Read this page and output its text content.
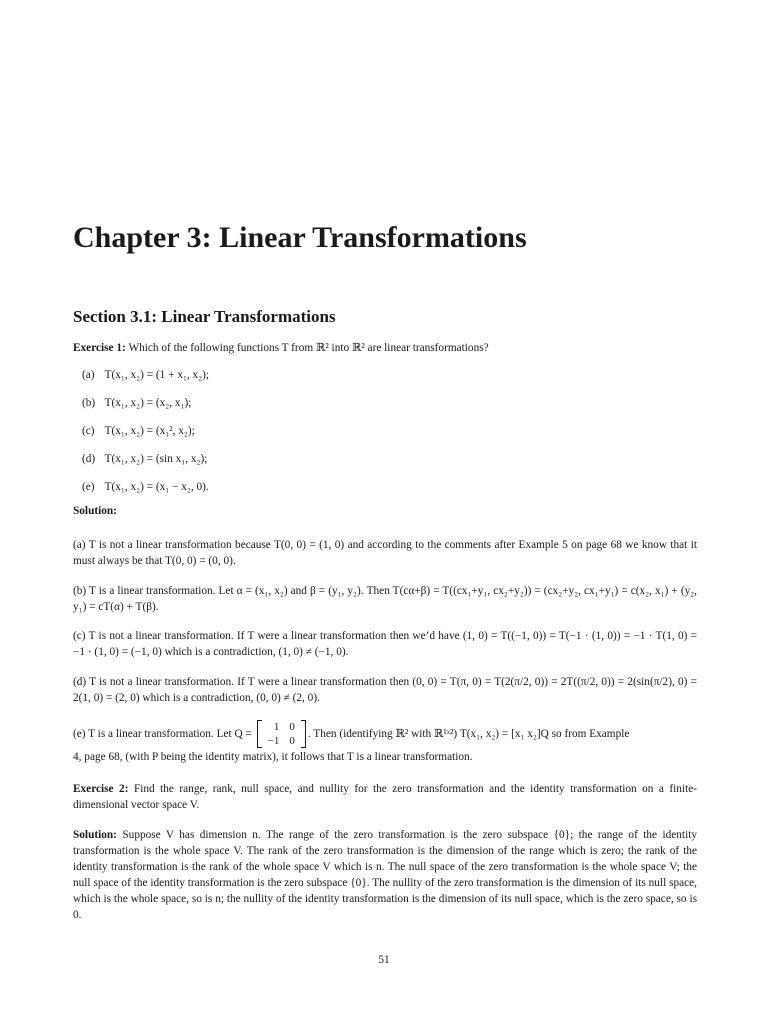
Chapter 3: Linear Transformations
Section 3.1: Linear Transformations
Exercise 1: Which of the following functions T from ℝ² into ℝ² are linear transformations?
(a) T(x₁, x₂) = (1 + x₁, x₂);
(b) T(x₁, x₂) = (x₂, x₁);
(c) T(x₁, x₂) = (x₁², x₂);
(d) T(x₁, x₂) = (sin x₁, x₂);
(e) T(x₁, x₂) = (x₁ − x₂, 0).
Solution:
(a) T is not a linear transformation because T(0, 0) = (1, 0) and according to the comments after Example 5 on page 68 we know that it must always be that T(0, 0) = (0, 0).
(b) T is a linear transformation. Let α = (x₁, x₂) and β = (y₁, y₂). Then T(cα+β) = T((cx₁+y₁, cx₂+y₂)) = (cx₂+y₂, cx₁+y₁) = c(x₂, x₁) + (y₂, y₁) = cT(α) + T(β).
(c) T is not a linear transformation. If T were a linear transformation then we’d have (1, 0) = T((−1, 0)) = T(−1 · (1, 0)) = −1 · T(1, 0) = −1 · (1, 0) = (−1, 0) which is a contradiction, (1, 0) ≠ (−1, 0).
(d) T is not a linear transformation. If T were a linear transformation then (0, 0) = T(π, 0) = T(2(π/2, 0)) = 2T((π/2, 0)) = 2(sin(π/2), 0) = 2(1, 0) = (2, 0) which is a contradiction, (0, 0) ≠ (2, 0).
(e) T is a linear transformation. Let Q =
1	0
−1	0
. Then (identifying ℝ² with ℝ¹ˣ²) T(x₁, x₂) = [x₁ x₂]Q so from Example
4, page 68, (with P being the identity matrix), it follows that T is a linear transformation.
Exercise 2: Find the range, rank, null space, and nullity for the zero transformation and the identity transformation on a finite-dimensional vector space V.
Solution: Suppose V has dimension n. The range of the zero transformation is the zero subspace {0}; the range of the identity transformation is the whole space V. The rank of the zero transformation is the dimension of the range which is zero; the rank of the identity transformation is the rank of the whole space V which is n. The null space of the zero transformation is the whole space V; the null space of the identity transformation is the zero subspace {0}. The nullity of the zero transformation is the dimension of its null space, which is the whole space, so is n; the nullity of the identity transformation is the dimension of its null space, which is the zero space, so is 0.
51
